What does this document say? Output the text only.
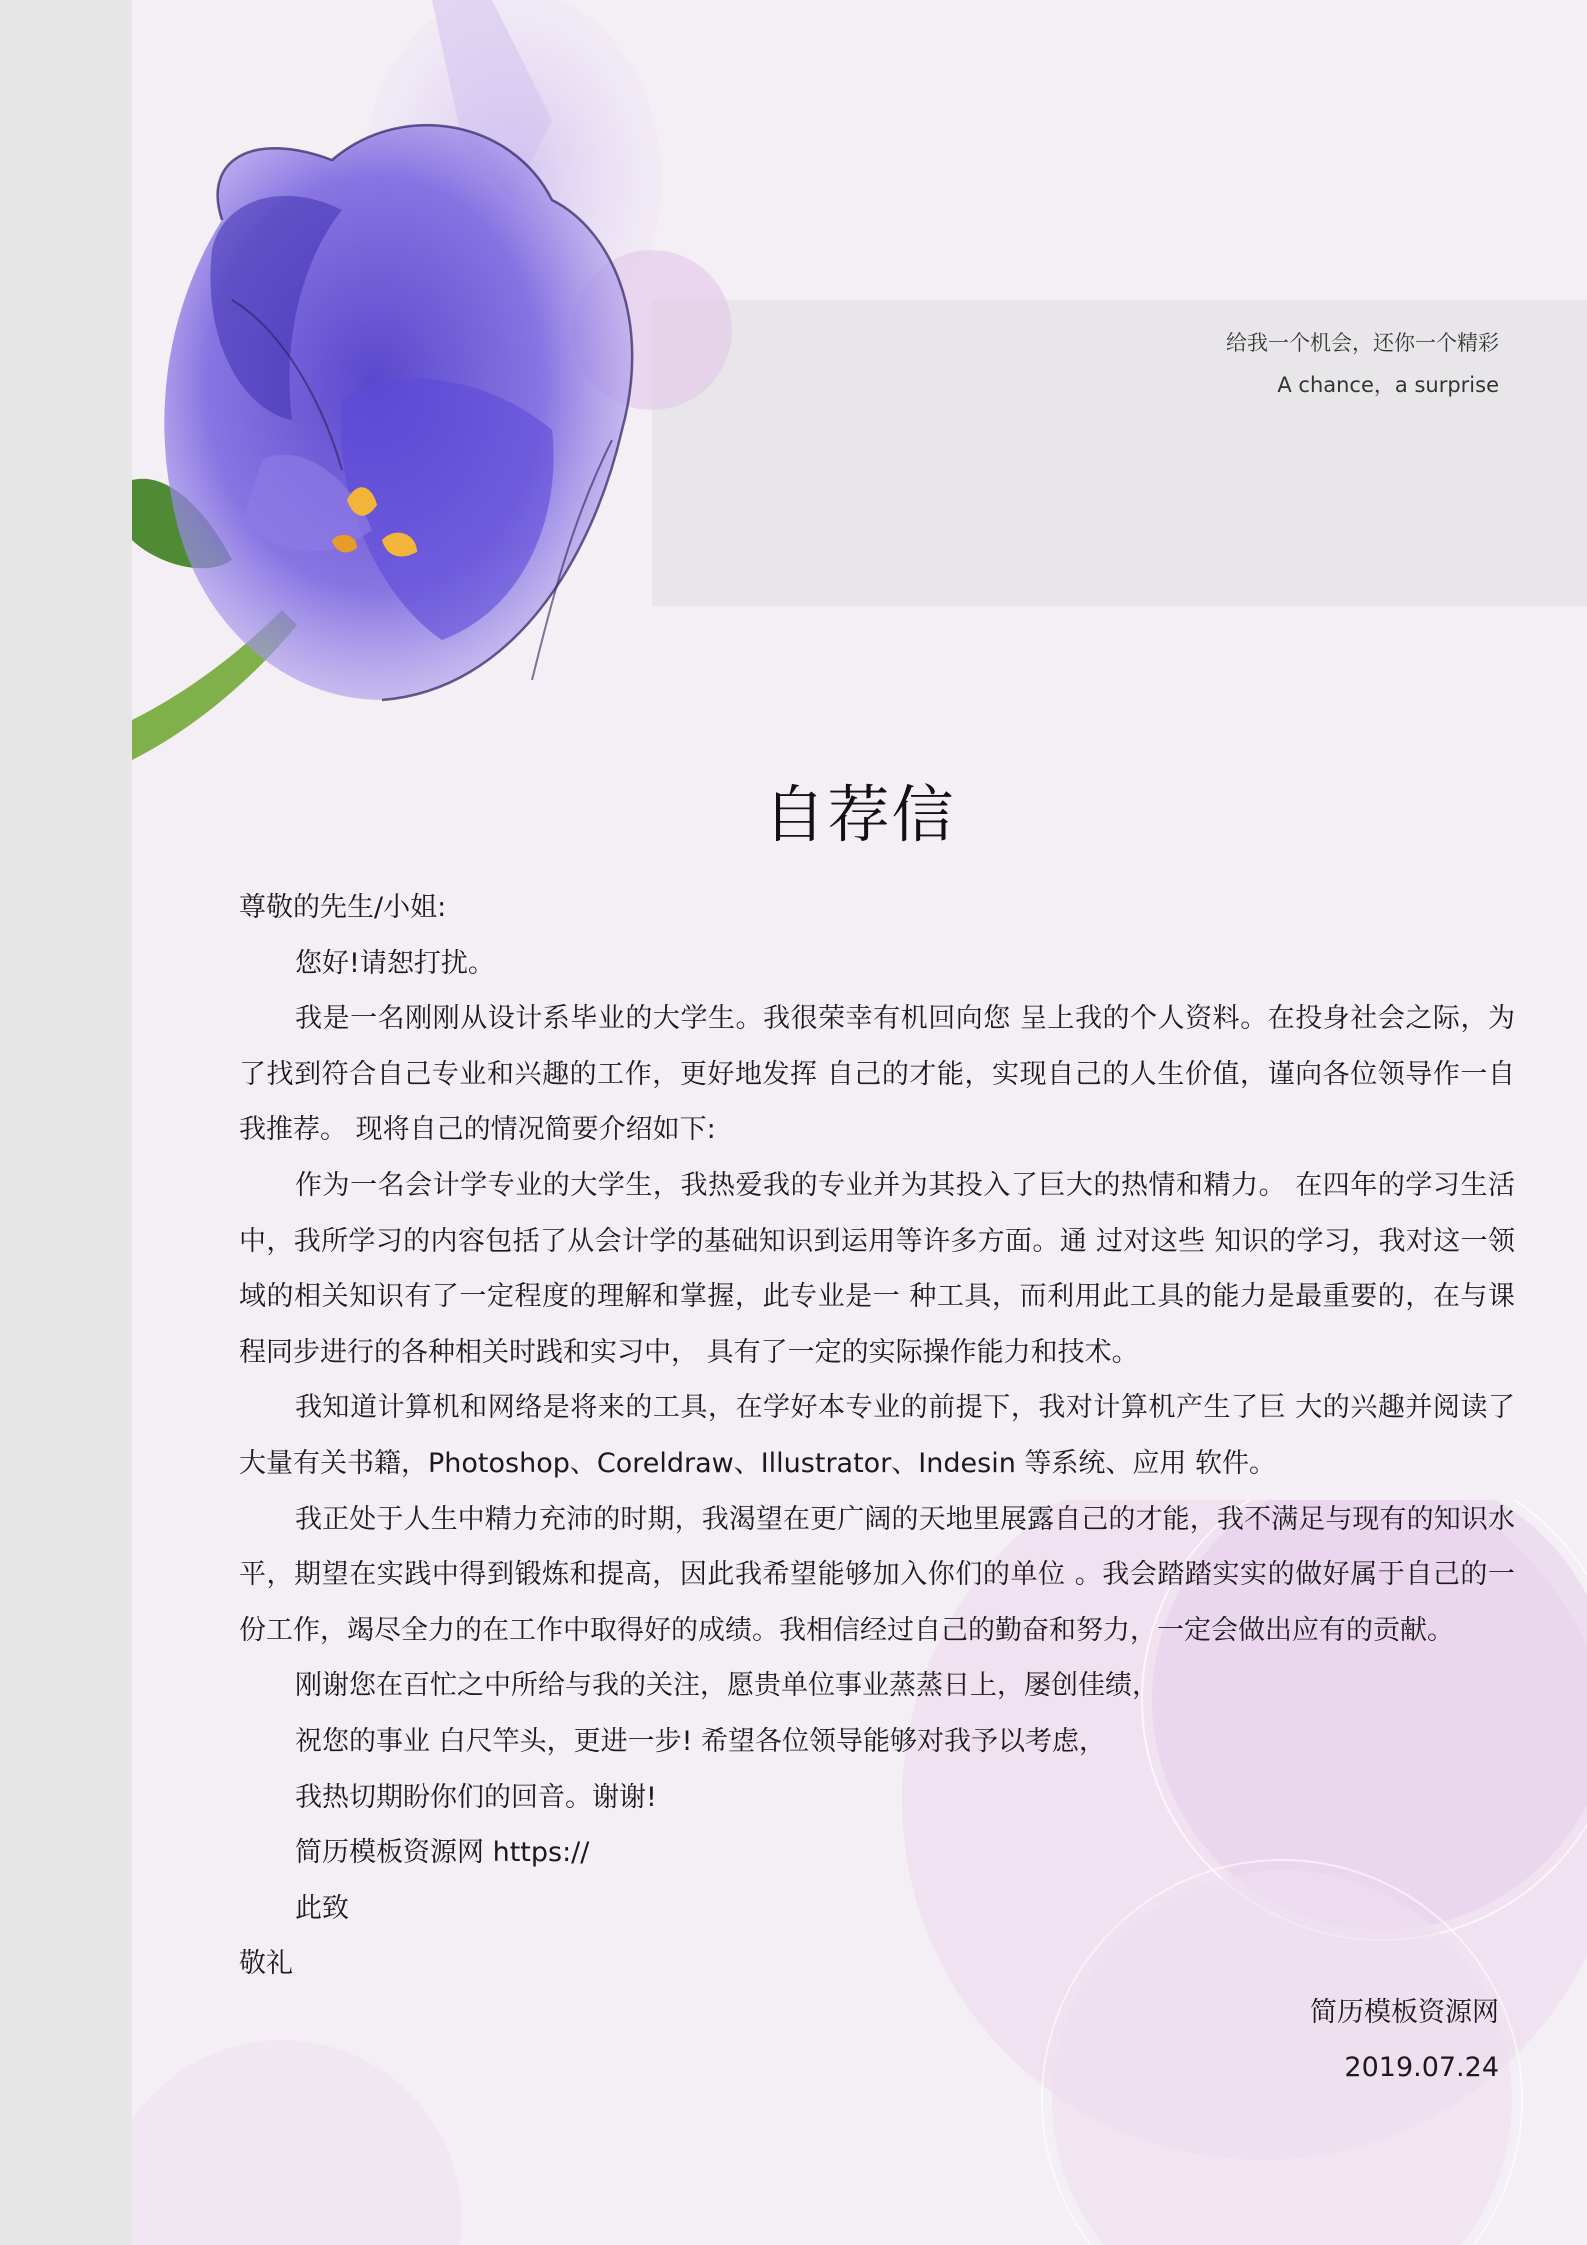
给我一个机会，还你一个精彩
A chance，a surprise
自荐信

尊敬的先生/小姐:

您好!请恕打扰。

我是一名刚刚从设计系毕业的大学生。我很荣幸有机回向您 呈上我的个人资料。在投身社会之际，为了找到符合自己专业和兴趣的工作，更好地发挥 自己的才能，实现自己的人生价值，谨向各位领导作一自我推荐。 现将自己的情况简要介绍如下:

作为一名会计学专业的大学生，我热爱我的专业并为其投入了巨大的热情和精力。 在四年的学习生活中，我所学习的内容包括了从会计学的基础知识到运用等许多方面。通 过对这些 知识的学习，我对这一领域的相关知识有了一定程度的理解和掌握，此专业是一 种工具，而利用此工具的能力是最重要的，在与课程同步进行的各种相关时践和实习中， 具有了一定的实际操作能力和技术。

我知道计算机和网络是将来的工具，在学好本专业的前提下，我对计算机产生了巨 大的兴趣并阅读了大量有关书籍，Photoshop、Coreldraw、Illustrator、Indesin 等系统、应用 软件。

我正处于人生中精力充沛的时期，我渴望在更广阔的天地里展露自己的才能，我不满足与现有的知识水平，期望在实践中得到锻炼和提高，因此我希望能够加入你们的单位 。我会踏踏实实的做好属于自己的一份工作，竭尽全力的在工作中取得好的成绩。我相信经过自己的勤奋和努力，一定会做出应有的贡献。

刚谢您在百忙之中所给与我的关注，愿贵单位事业蒸蒸日上，屡创佳绩，

祝您的事业 白尺竿头，更进一步! 希望各位领导能够对我予以考虑，

我热切期盼你们的回音。谢谢!

简历模板资源网 https://

此致

敬礼

简历模板资源网
2019.07.24
